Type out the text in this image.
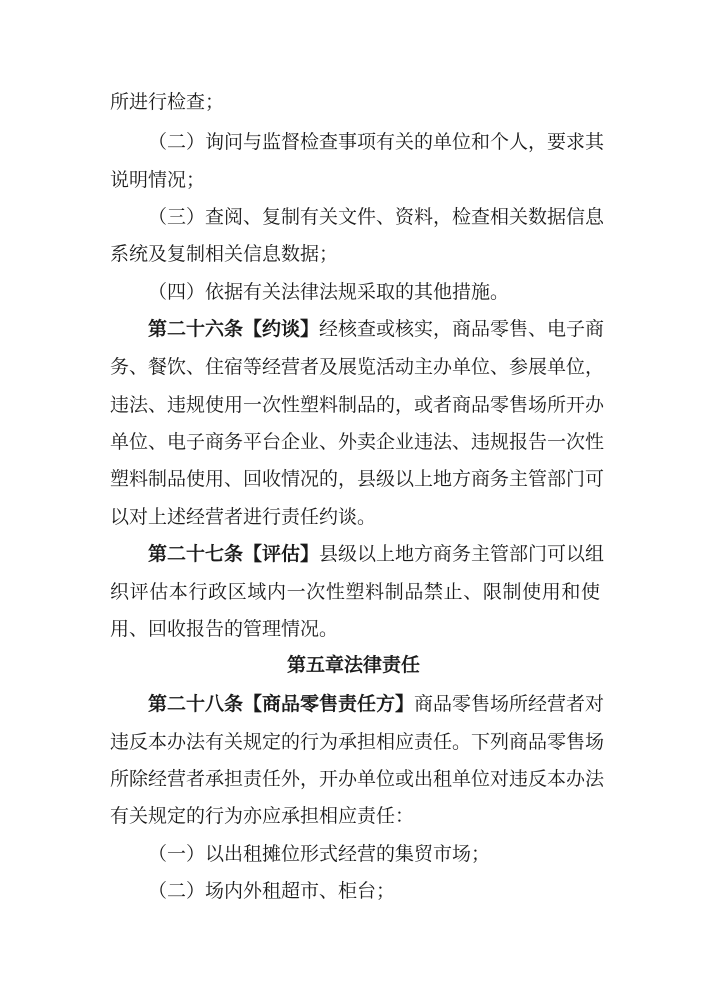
所进行检查；
（二）询问与监督检查事项有关的单位和个人，要求其
说明情况；
（三）查阅、复制有关文件、资料，检查相关数据信息
系统及复制相关信息数据；
（四）依据有关法律法规采取的其他措施。
第二十六条【约谈】经核查或核实，商品零售、电子商
务、餐饮、住宿等经营者及展览活动主办单位、参展单位，
违法、违规使用一次性塑料制品的，或者商品零售场所开办
单位、电子商务平台企业、外卖企业违法、违规报告一次性
塑料制品使用、回收情况的，县级以上地方商务主管部门可
以对上述经营者进行责任约谈。
第二十七条【评估】县级以上地方商务主管部门可以组
织评估本行政区域内一次性塑料制品禁止、限制使用和使
用、回收报告的管理情况。
第五章法律责任
第二十八条【商品零售责任方】商品零售场所经营者对
违反本办法有关规定的行为承担相应责任。下列商品零售场
所除经营者承担责任外，开办单位或出租单位对违反本办法
有关规定的行为亦应承担相应责任：
（一）以出租摊位形式经营的集贸市场；
（二）场内外租超市、柜台；
